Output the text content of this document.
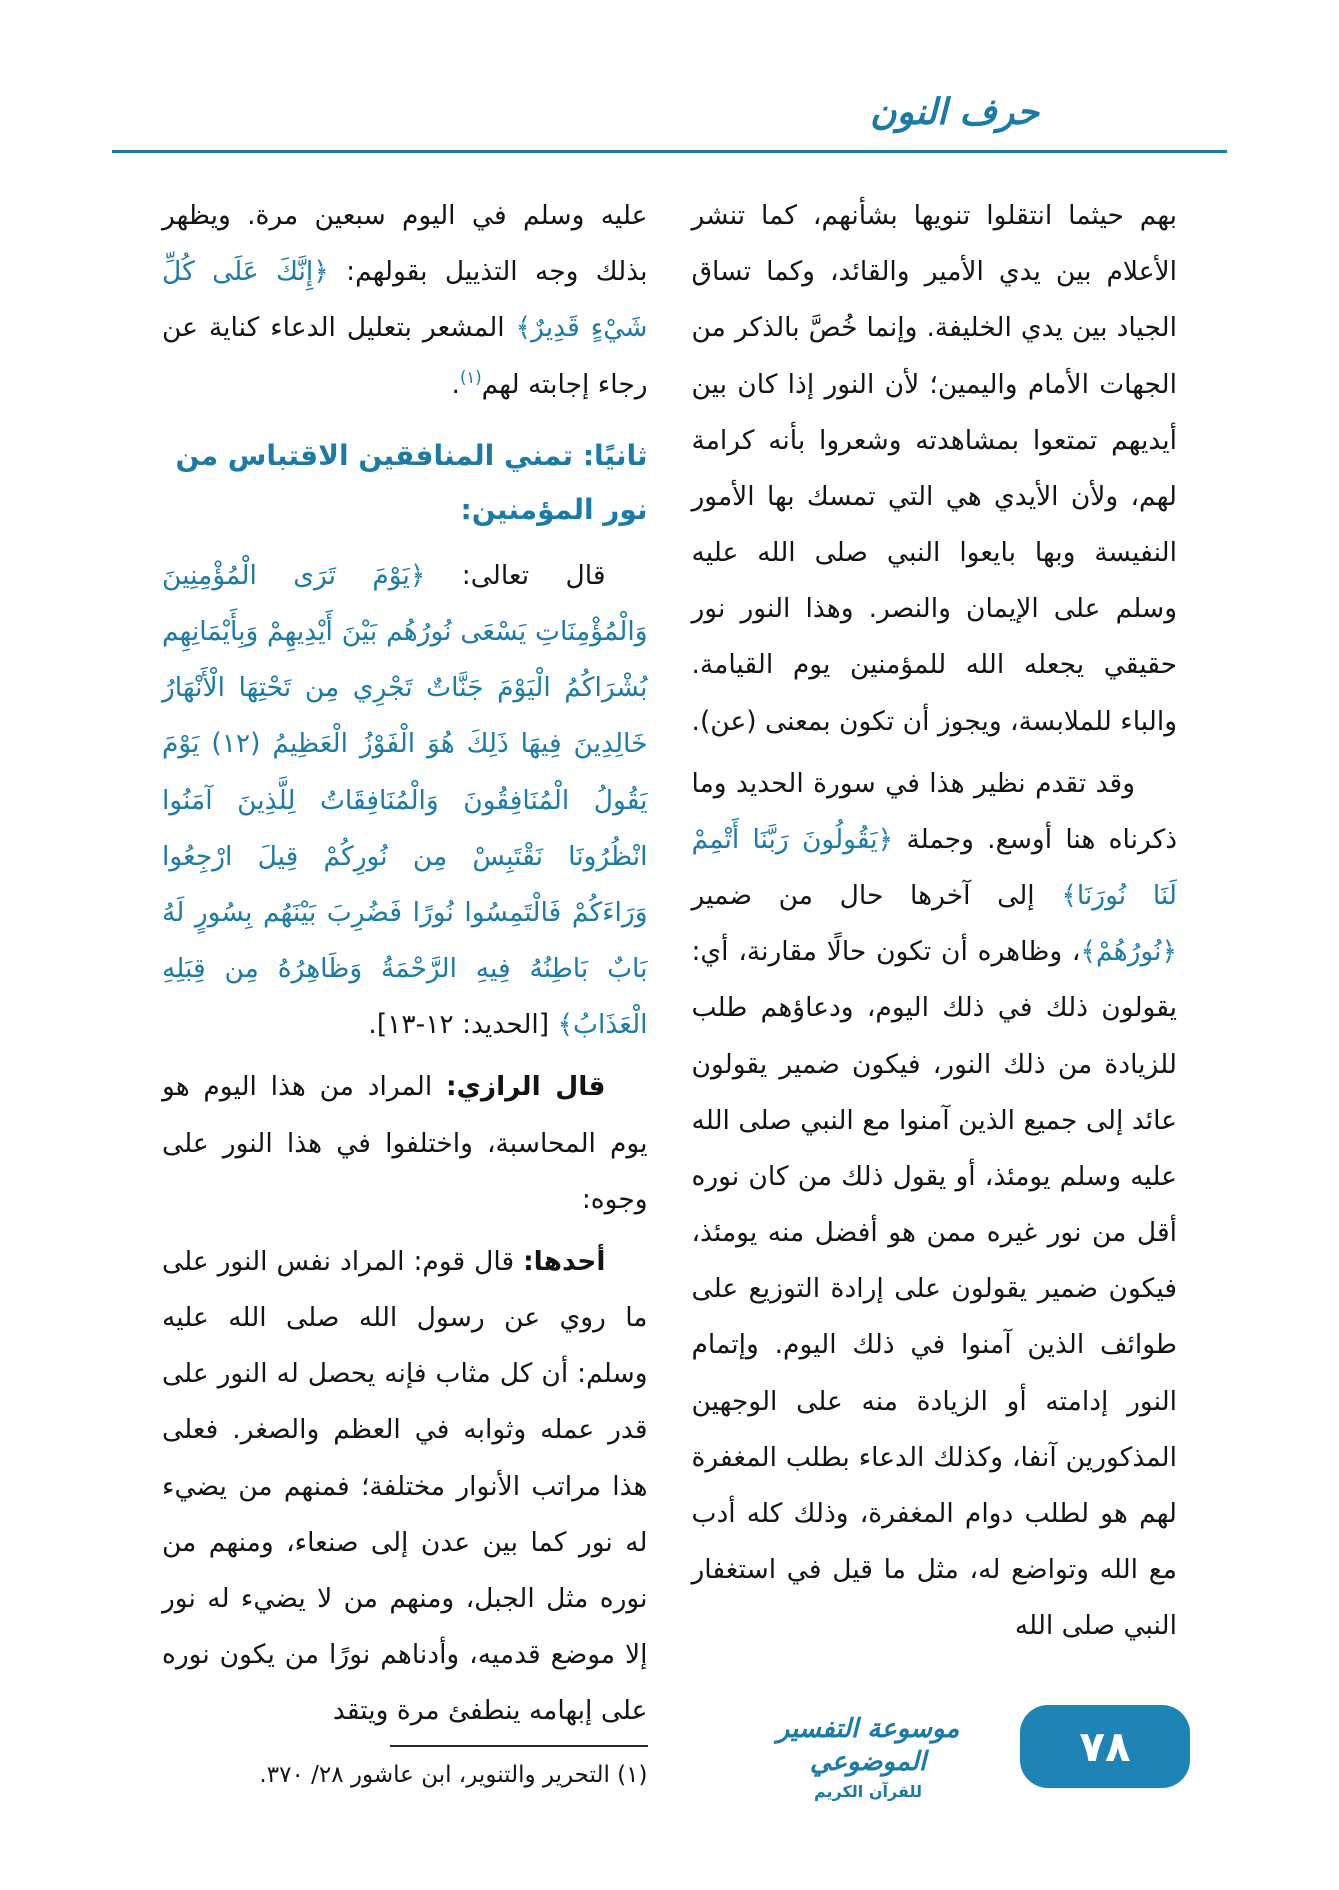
حرف النون

بهم حيثما انتقلوا تنويها بشأنهم، كما تنشر الأعلام بين يدي الأمير والقائد، وكما تساق الجياد بين يدي الخليفة. وإنما خُصَّ بالذكر من الجهات الأمام واليمين؛ لأن النور إذا كان بين أيديهم تمتعوا بمشاهدته وشعروا بأنه كرامة لهم، ولأن الأيدي هي التي تمسك بها الأمور النفيسة وبها بايعوا النبي صلى الله عليه وسلم على الإيمان والنصر. وهذا النور نور حقيقي يجعله الله للمؤمنين يوم القيامة. والباء للملابسة، ويجوز أن تكون بمعنى (عن).

وقد تقدم نظير هذا في سورة الحديد وما ذكرناه هنا أوسع. وجملة ﴿يَقُولُونَ رَبَّنَا أَتْمِمْ لَنَا نُورَنَا﴾ إلى آخرها حال من ضمير ﴿نُورُهُمْ﴾، وظاهره أن تكون حالًا مقارنة، أي: يقولون ذلك في ذلك اليوم، ودعاؤهم طلب للزيادة من ذلك النور، فيكون ضمير يقولون عائد إلى جميع الذين آمنوا مع النبي صلى الله عليه وسلم يومئذ، أو يقول ذلك من كان نوره أقل من نور غيره ممن هو أفضل منه يومئذ، فيكون ضمير يقولون على إرادة التوزيع على طوائف الذين آمنوا في ذلك اليوم. وإتمام النور إدامته أو الزيادة منه على الوجهين المذكورين آنفا، وكذلك الدعاء بطلب المغفرة لهم هو لطلب دوام المغفرة، وذلك كله أدب مع الله وتواضع له، مثل ما قيل في استغفار النبي صلى الله

عليه وسلم في اليوم سبعين مرة. ويظهر بذلك وجه التذييل بقولهم: ﴿إِنَّكَ عَلَى كُلِّ شَيْءٍ قَدِيرٌ﴾ المشعر بتعليل الدعاء كناية عن رجاء إجابته لهم$^{(١)}$.

ثانيًا: تمني المنافقين الاقتباس من نور المؤمنين:

قال تعالى: ﴿يَوْمَ تَرَى الْمُؤْمِنِينَ وَالْمُؤْمِنَاتِ يَسْعَى نُورُهُم بَيْنَ أَيْدِيهِمْ وَبِأَيْمَانِهِم بُشْرَاكُمُ الْيَوْمَ جَنَّاتٌ تَجْرِي مِن تَحْتِهَا الْأَنْهَارُ خَالِدِينَ فِيهَا ذَلِكَ هُوَ الْفَوْزُ الْعَظِيمُ (١٢) يَوْمَ يَقُولُ الْمُنَافِقُونَ وَالْمُنَافِقَاتُ لِلَّذِينَ آمَنُوا انْظُرُونَا نَقْتَبِسْ مِن نُورِكُمْ قِيلَ ارْجِعُوا وَرَاءَكُمْ فَالْتَمِسُوا نُورًا فَضُرِبَ بَيْنَهُم بِسُورٍ لَهُ بَابٌ بَاطِنُهُ فِيهِ الرَّحْمَةُ وَظَاهِرُهُ مِن قِبَلِهِ الْعَذَابُ﴾ [الحديد: ١٢-١٣].

قال الرازي: المراد من هذا اليوم هو يوم المحاسبة، واختلفوا في هذا النور على وجوه:

أحدها: قال قوم: المراد نفس النور على ما روي عن رسول الله صلى الله عليه وسلم: أن كل مثاب فإنه يحصل له النور على قدر عمله وثوابه في العظم والصغر. فعلى هذا مراتب الأنوار مختلفة؛ فمنهم من يضيء له نور كما بين عدن إلى صنعاء، ومنهم من نوره مثل الجبل، ومنهم من لا يضيء له نور إلا موضع قدميه، وأدناهم نورًا من يكون نوره على إبهامه ينطفئ مرة ويتقد

(١) التحرير والتنوير، ابن عاشور ٢٨/ ٣٧٠.
موسوعة التفسير الموضوعي
للقرآن الكريم
٧٨
